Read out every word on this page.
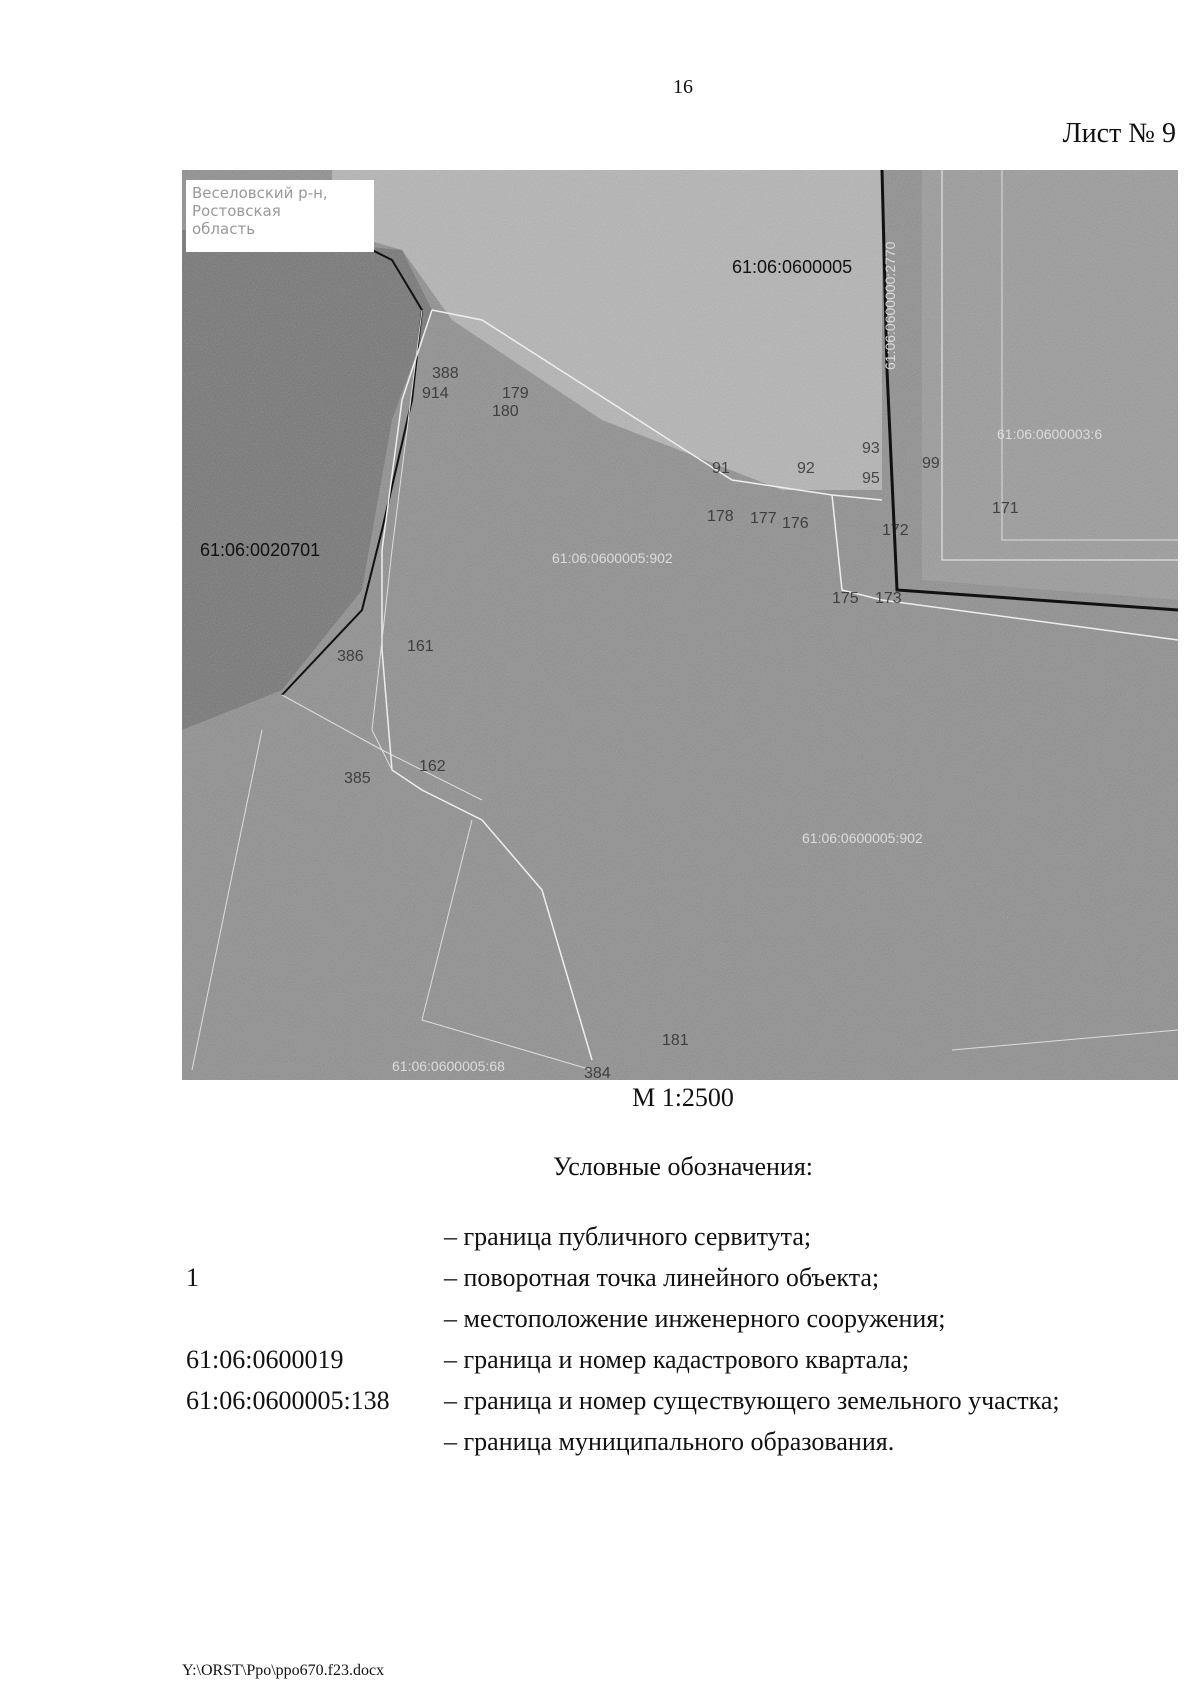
16
Лист № 9
Веселовский р-н,
Ростовская
область
61:06:0600005
61:06:0020701
61:06:0600000:2770
61:06:0600003:6
61:06:0600005:902
61:06:0600005:902
61:06:0600005:68
388
914	179
180
91	92
93
95
99
178 177 176	172
171
175 173
386
161
162
385
181
384
М 1:2500
Условные обозначения:
– граница публичного сервитута;
1	– поворотная точка линейного объекта;
– местоположение инженерного сооружения;
61:06:0600019	– граница и номер кадастрового квартала;
61:06:0600005:138 – граница и номер существующего земельного участка;
– граница муниципального образования.
Y:\ORST\Ppo\ppo670.f23.docx
